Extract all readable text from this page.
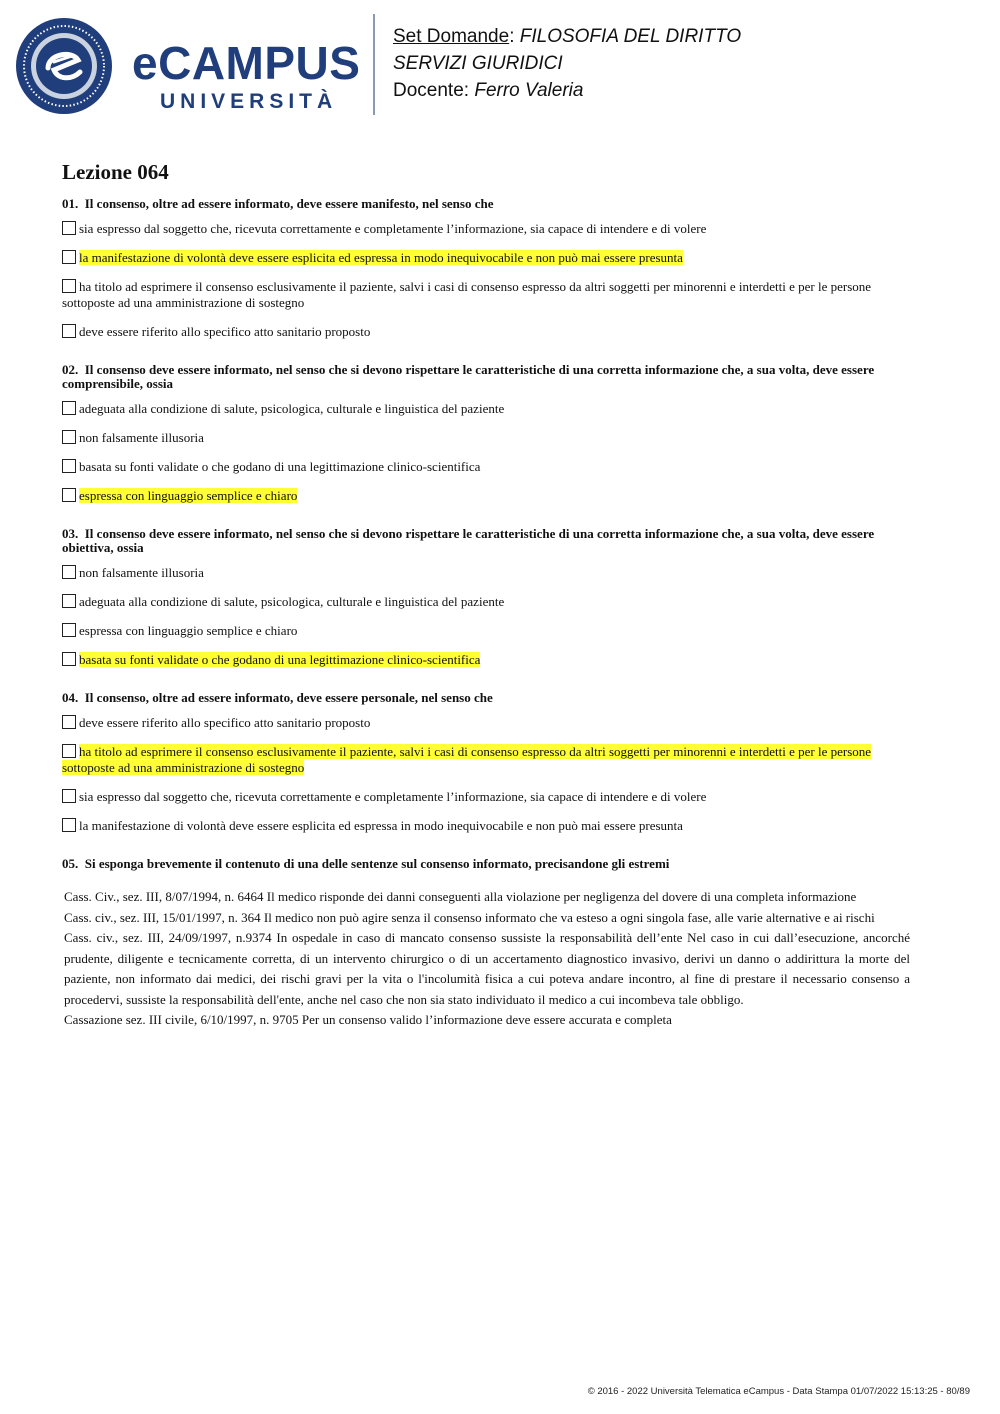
eCAMPUS
UNIVERSITÀ
Set Domande: FILOSOFIA DEL DIRITTO
SERVIZI GIURIDICI
Docente: Ferro Valeria
Lezione 064
01. Il consenso, oltre ad essere informato, deve essere manifesto, nel senso che
sia espresso dal soggetto che, ricevuta correttamente e completamente l’informazione, sia capace di intendere e di volere
la manifestazione di volontà deve essere esplicita ed espressa in modo inequivocabile e non può mai essere presunta
ha titolo ad esprimere il consenso esclusivamente il paziente, salvi i casi di consenso espresso da altri soggetti per minorenni e interdetti e per le persone sottoposte ad una amministrazione di sostegno
deve essere riferito allo specifico atto sanitario proposto
02. Il consenso deve essere informato, nel senso che si devono rispettare le caratteristiche di una corretta informazione che, a sua volta, deve essere comprensibile, ossia
adeguata alla condizione di salute, psicologica, culturale e linguistica del paziente
non falsamente illusoria
basata su fonti validate o che godano di una legittimazione clinico-scientifica
espressa con linguaggio semplice e chiaro
03. Il consenso deve essere informato, nel senso che si devono rispettare le caratteristiche di una corretta informazione che, a sua volta, deve essere obiettiva, ossia
non falsamente illusoria
adeguata alla condizione di salute, psicologica, culturale e linguistica del paziente
espressa con linguaggio semplice e chiaro
basata su fonti validate o che godano di una legittimazione clinico-scientifica
04. Il consenso, oltre ad essere informato, deve essere personale, nel senso che
deve essere riferito allo specifico atto sanitario proposto
ha titolo ad esprimere il consenso esclusivamente il paziente, salvi i casi di consenso espresso da altri soggetti per minorenni e interdetti e per le persone sottoposte ad una amministrazione di sostegno
sia espresso dal soggetto che, ricevuta correttamente e completamente l’informazione, sia capace di intendere e di volere
la manifestazione di volontà deve essere esplicita ed espressa in modo inequivocabile e non può mai essere presunta
05. Si esponga brevemente il contenuto di una delle sentenze sul consenso informato, precisandone gli estremi

Cass. Civ., sez. III, 8/07/1994, n. 6464 Il medico risponde dei danni conseguenti alla violazione per negligenza del dovere di una completa informazione

Cass. civ., sez. III, 15/01/1997, n. 364 Il medico non può agire senza il consenso informato che va esteso a ogni singola fase, alle varie alternative e ai rischi

Cass. civ., sez. III, 24/09/1997, n.9374 In ospedale in caso di mancato consenso sussiste la responsabilità dell’ente Nel caso in cui dall’esecuzione, ancorché prudente, diligente e tecnicamente corretta, di un intervento chirurgico o di un accertamento diagnostico invasivo, derivi un danno o addirittura la morte del paziente, non informato dai medici, dei rischi gravi per la vita o l'incolumità fisica a cui poteva andare incontro, al fine di prestare il necessario consenso a procedervi, sussiste la responsabilità dell'ente, anche nel caso che non sia stato individuato il medico a cui incombeva tale obbligo.

Cassazione sez. III civile, 6/10/1997, n. 9705 Per un consenso valido l’informazione deve essere accurata e completa

© 2016 - 2022 Università Telematica eCampus - Data Stampa 01/07/2022 15:13:25 - 80/89
